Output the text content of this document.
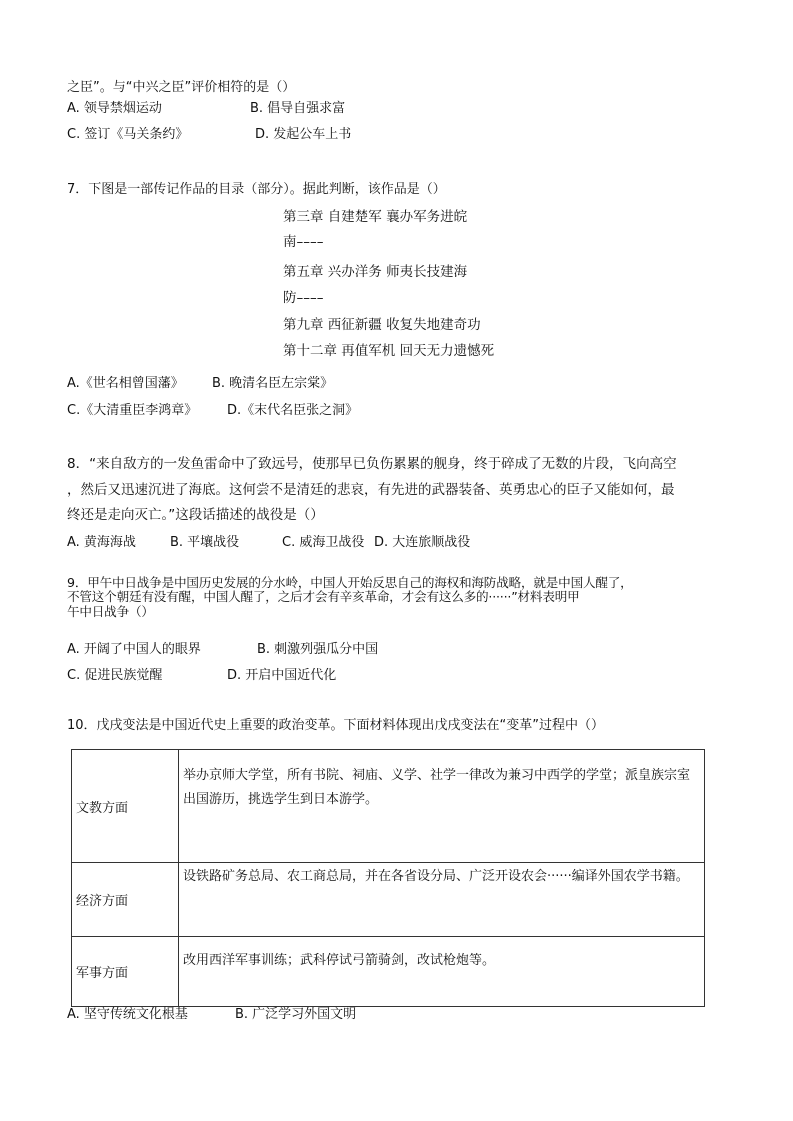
之臣”。与“中兴之臣”评价相符的是（）
A. 领导禁烟运动	B. 倡导自强求富
C. 签订《马关条约》	D. 发起公车上书
7．下图是一部传记作品的目录（部分）。据此判断，该作品是（）
第三章 自建楚军 襄办军务进皖
南––––
第五章 兴办洋务 师夷长技建海
防––––
第九章 西征新疆 收复失地建奇功
第十二章 再值军机 回天无力遗憾死
A.《世名相曾国藩》 B. 晚清名臣左宗棠》
C.《大清重臣李鸿章》 D.《末代名臣张之洞》
8．“来自敌方的一发鱼雷命中了致远号，使那早已负伤累累的舰身，终于碎成了无数的片段，飞向高空
，然后又迅速沉进了海底。这何尝不是清廷的悲哀，有先进的武器装备、英勇忠心的臣子又能如何，最
终还是走向灭亡。”这段话描述的战役是（）
A. 黄海海战	B. 平壤战役	C. 威海卫战役 D. 大连旅顺战役
9．甲午中日战争是中国历史发展的分水岭，中国人开始反思自己的海权和海防战略，就是中国人醒了，
不管这个朝廷有没有醒，中国人醒了，之后才会有辛亥革命，才会有这么多的······”材料表明甲
午中日战争（）
A. 开阔了中国人的眼界	B. 刺激列强瓜分中国
C. 促进民族觉醒	D. 开启中国近代化
10．戊戌变法是中国近代史上重要的政治变革。下面材料体现出戊戌变法在“变革”过程中（）
文教方面	举办京师大学堂，所有书院、祠庙、义学、社学一律改为兼习中西学的学堂；派皇族宗室出国游历，挑选学生到日本游学。
经济方面	设铁路矿务总局、农工商总局，并在各省设分局、广泛开设农会······编译外国农学书籍。
军事方面	改用西洋军事训练；武科停试弓箭骑剑，改试枪炮等。
A. 坚守传统文化根基	B. 广泛学习外国文明
